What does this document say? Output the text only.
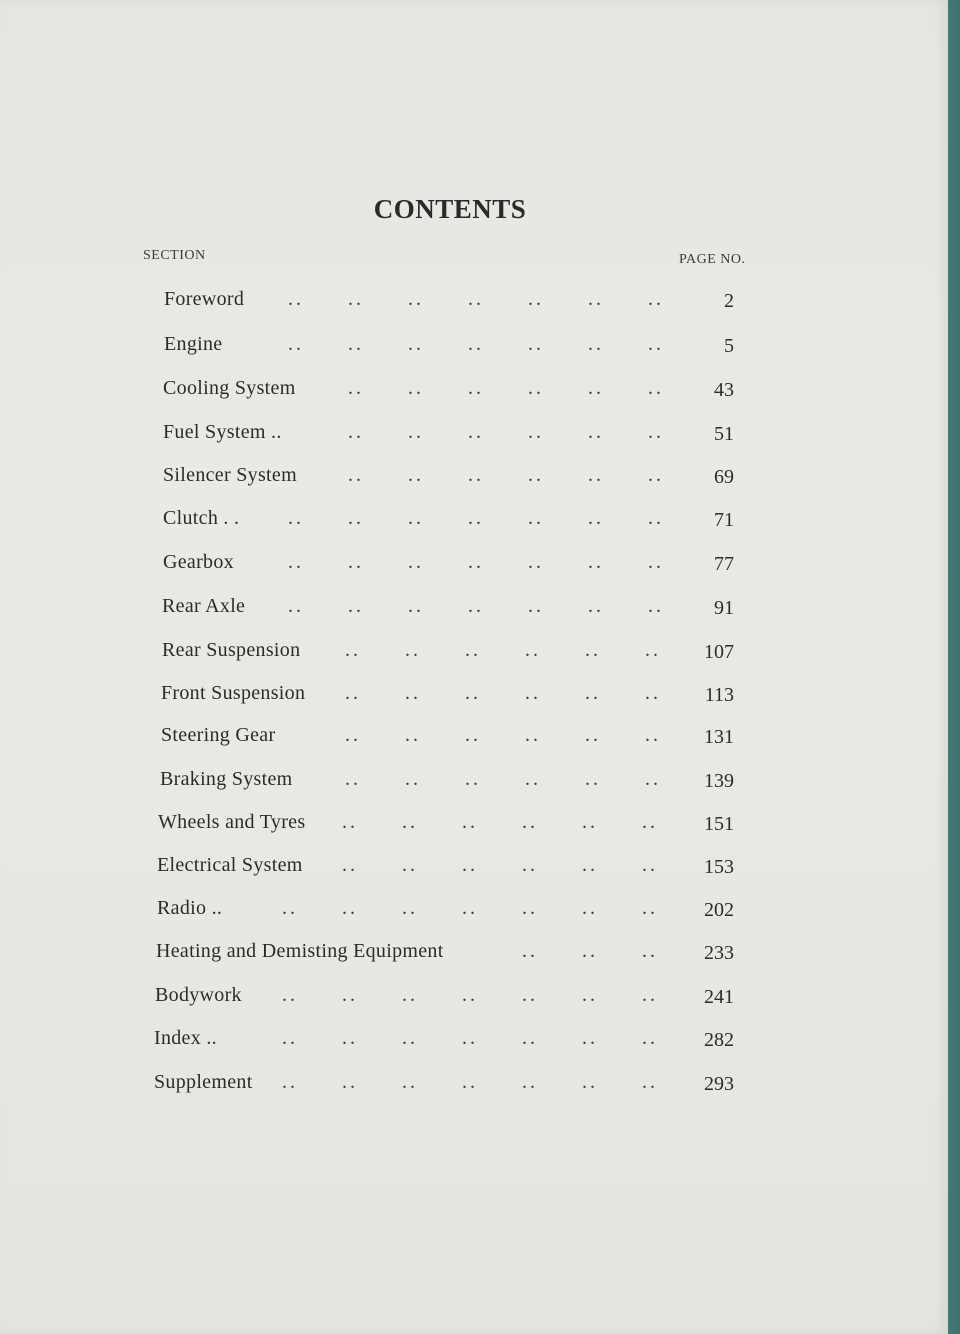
CONTENTS
SECTION	PAGE NO.
Foreword ..   ..   ..   ..   ..   ..   ..	2
Engine	..   ..   ..   ..   ..   ..   ..	5
Cooling System	..   ..   ..   ..   ..   ..	43
Fuel System ..	..   ..   ..   ..   ..   ..	51
Silencer System	..   ..   ..   ..   ..   ..	69
Clutch . . ..   ..   ..   ..   ..   ..   ..	71
Gearbox	..   ..   ..   ..   ..   ..   ..	77
Rear Axle ..   ..   ..   ..   ..   ..   ..	91
Rear Suspension ..   ..   ..   ..   ..   ..	107
Front Suspension ..   ..   ..   ..   ..   ..	113
Steering Gear	..   ..   ..   ..   ..   ..	131
Braking System	..   ..   ..   ..   ..   ..	139
Wheels and Tyres ..   ..   ..   ..   ..   ..	151
Electrical System ..   ..   ..   ..   ..   ..	153
Radio ..	..   ..   ..   ..   ..   ..   ..	202
Heating and Demisting Equipment	..   ..   ..	233
Bodywork ..   ..   ..   ..   ..   ..   ..	241
Index ..	..   ..   ..   ..   ..   ..   ..	282
Supplement ..   ..   ..   ..   ..   ..   ..	293
